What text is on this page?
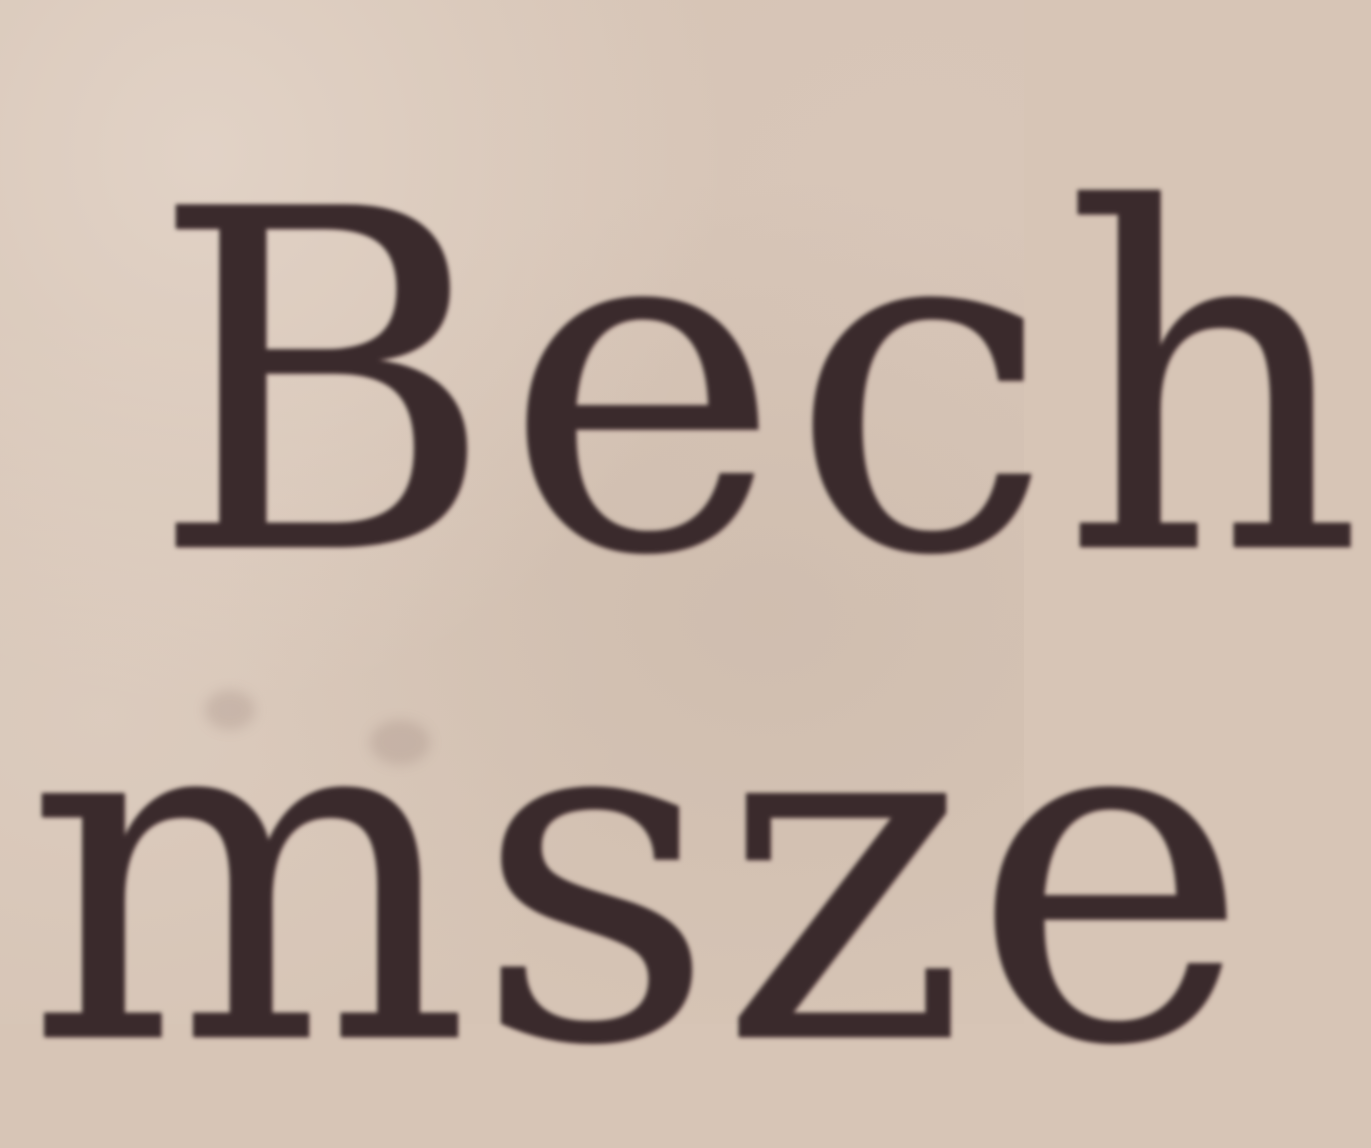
Bech

msze
